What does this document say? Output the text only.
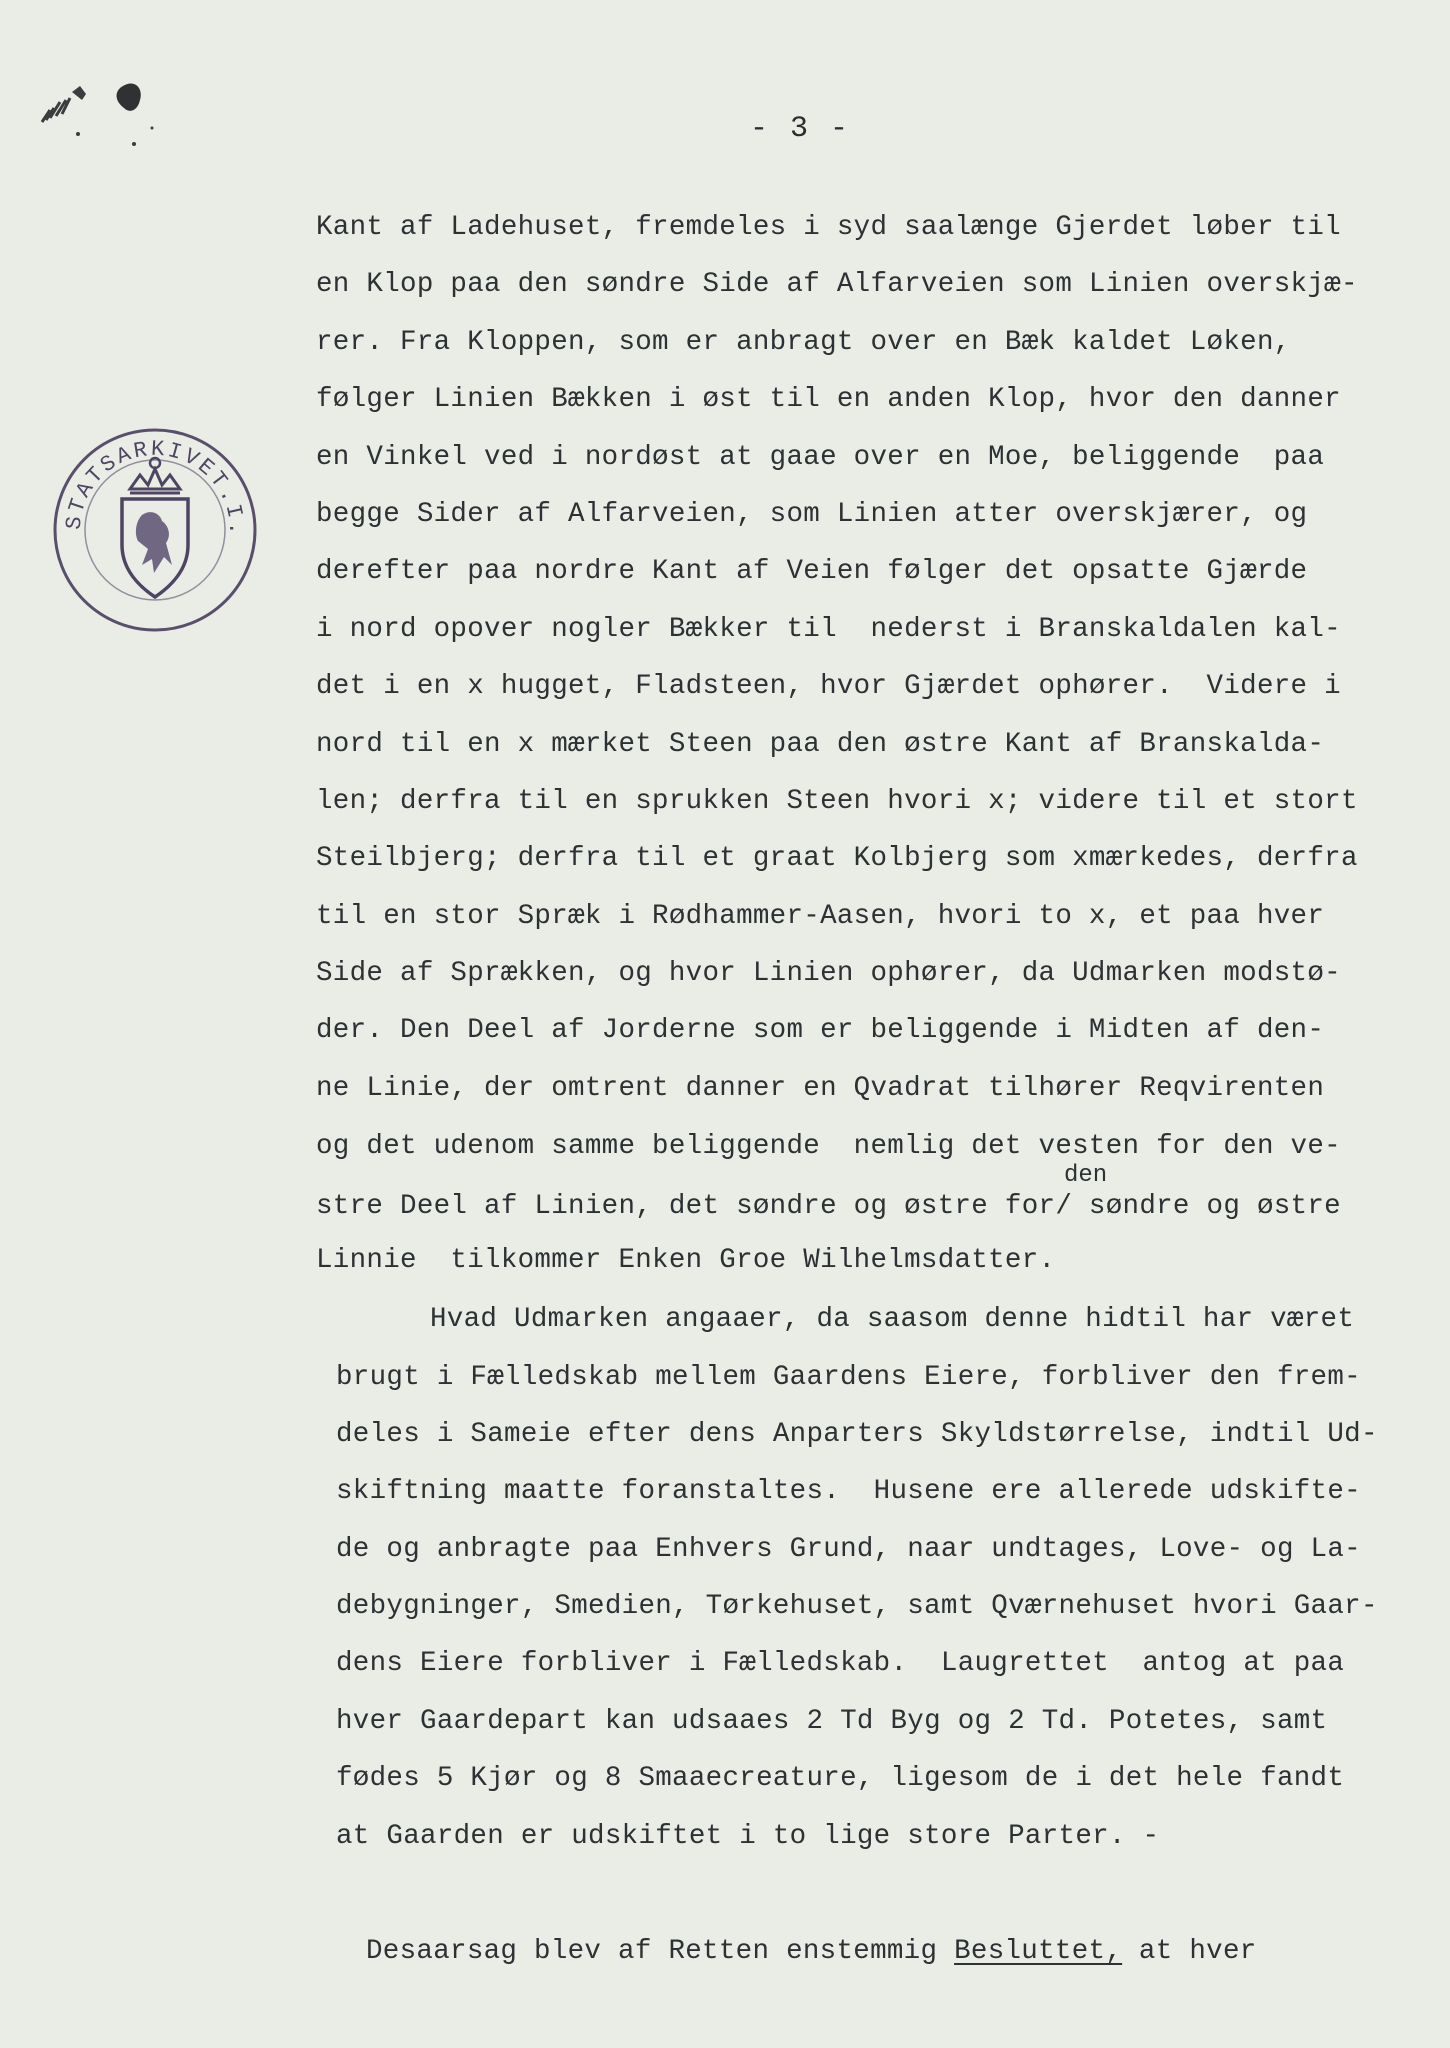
- 3 -
STATSARKIVET.I.
Kant af Ladehuset, fremdeles i syd saalænge Gjerdet løber til
en Klop paa den søndre Side af Alfarveien som Linien overskjæ-
rer. Fra Kloppen, som er anbragt over en Bæk kaldet Løken,
følger Linien Bækken i øst til en anden Klop, hvor den danner
en Vinkel ved i nordøst at gaae over en Moe, beliggende  paa
begge Sider af Alfarveien, som Linien atter overskjærer, og
derefter paa nordre Kant af Veien følger det opsatte Gjærde
i nord opover nogler Bækker til  nederst i Branskaldalen kal-
det i en x hugget, Fladsteen, hvor Gjærdet ophører.  Videre i
nord til en x mærket Steen paa den østre Kant af Branskalda-
len; derfra til en sprukken Steen hvori x; videre til et stort
Steilbjerg; derfra til et graat Kolbjerg som xmærkedes, derfra
til en stor Spræk i Rødhammer-Aasen, hvori to x, et paa hver
Side af Sprækken, og hvor Linien ophører, da Udmarken modstø-
der. Den Deel af Jorderne som er beliggende i Midten af den-
ne Linie, der omtrent danner en Qvadrat tilhører Reqvirenten
og det udenom samme beliggende  nemlig det vesten for den ve-
den
stre Deel af Linien, det søndre og østre for/ søndre og østre
Linnie  tilkommer Enken Groe Wilhelmsdatter.
Hvad Udmarken angaaer, da saasom denne hidtil har været
brugt i Fælledskab mellem Gaardens Eiere, forbliver den frem-
deles i Sameie efter dens Anparters Skyldstørrelse, indtil Ud-
skiftning maatte foranstaltes.  Husene ere allerede udskifte-
de og anbragte paa Enhvers Grund, naar undtages, Love- og La-
debygninger, Smedien, Tørkehuset, samt Qværnehuset hvori Gaar-
dens Eiere forbliver i Fælledskab.  Laugrettet  antog at paa
hver Gaardepart kan udsaaes 2 Td Byg og 2 Td. Potetes, samt
fødes 5 Kjør og 8 Smaaecreature, ligesom de i det hele fandt
at Gaarden er udskiftet i to lige store Parter. -
Desaarsag blev af Retten enstemmig Besluttet, at hver
